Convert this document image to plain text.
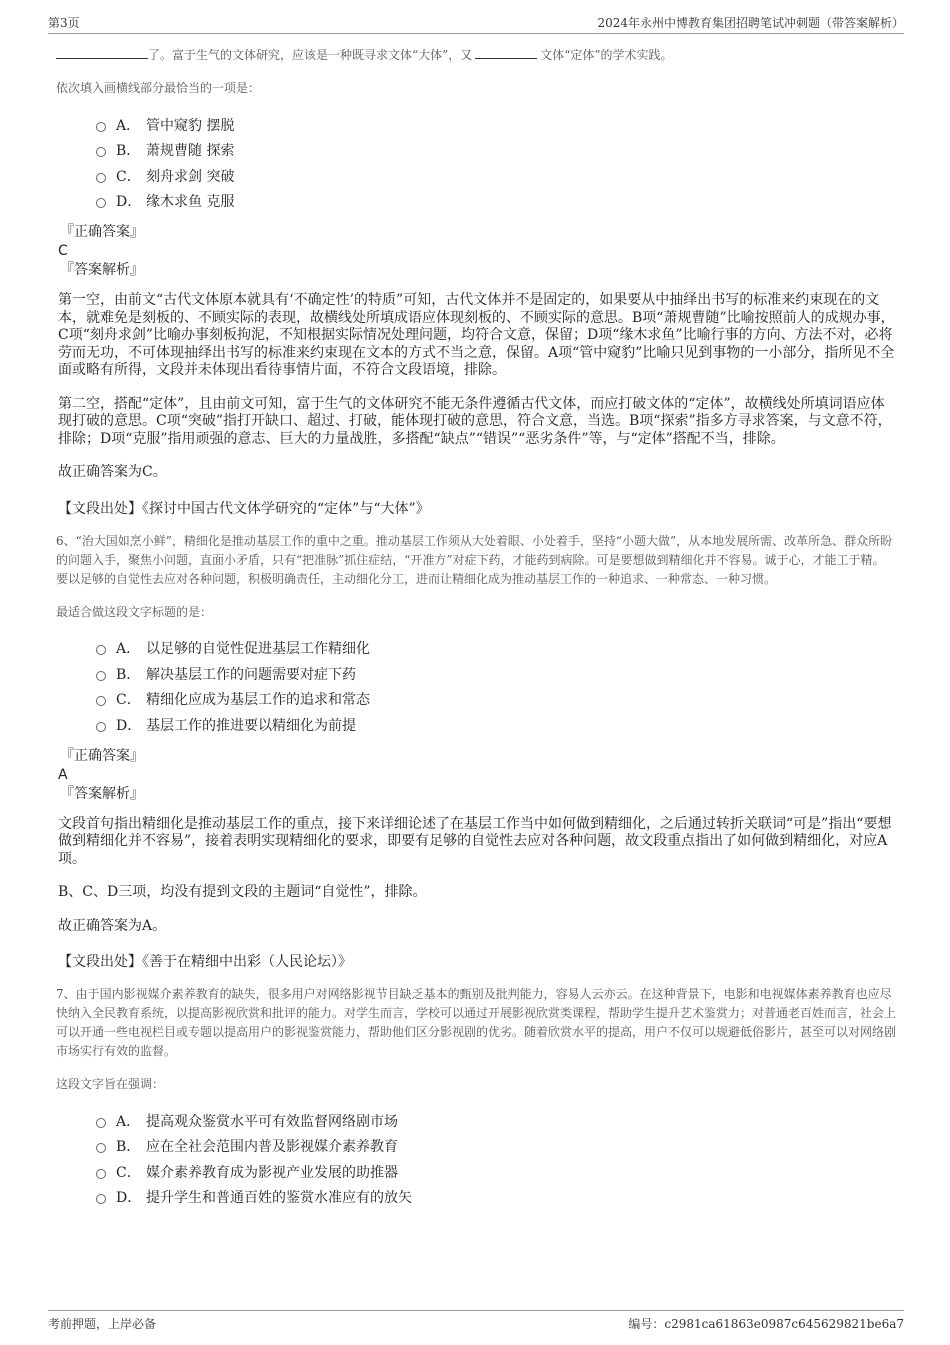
第3页	2024年永州中博教育集团招聘笔试冲刺题（带答案解析）
了。富于生气的文体研究，应该是一种既寻求文体“大体”，又	文体“定体”的学术实践。
依次填入画横线部分最恰当的一项是：
A． 管中窥豹 摆脱
B． 萧规曹随 探索
C． 刻舟求剑 突破
D． 缘木求鱼 克服
『正确答案』
C
『答案解析』
第一空，由前文“古代文体原本就具有‘不确定性’的特质”可知，古代文体并不是固定的，如果要从中抽绎出书写的标准来约束现在的文本，就难免是刻板的、不顾实际的表现，故横线处所填成语应体现刻板的、不顾实际的意思。B项“萧规曹随”比喻按照前人的成规办事，C项“刻舟求剑”比喻办事刻板拘泥，不知根据实际情况处理问题，均符合文意，保留；D项“缘木求鱼”比喻行事的方向、方法不对，必将劳而无功，不可体现抽绎出书写的标准来约束现在文本的方式不当之意，保留。A项“管中窥豹”比喻只见到事物的一小部分，指所见不全面或略有所得，文段并未体现出看待事情片面，不符合文段语境，排除。
第二空，搭配“定体”，且由前文可知，富于生气的文体研究不能无条件遵循古代文体，而应打破文体的“定体”，故横线处所填词语应体现打破的意思。C项“突破”指打开缺口、超过、打破，能体现打破的意思，符合文意，当选。B项“探索”指多方寻求答案，与文意不符，排除；D项“克服”指用顽强的意志、巨大的力量战胜，多搭配“缺点”“错误”“恶劣条件”等，与“定体”搭配不当，排除。
故正确答案为C。
【文段出处】《探讨中国古代文体学研究的“定体”与“大体”》
6、“治大国如烹小鲜”，精细化是推动基层工作的重中之重。推动基层工作须从大处着眼、小处着手，坚持“小题大做”，从本地发展所需、改革所急、群众所盼的问题入手，聚焦小问题，直面小矛盾，只有“把准脉”抓住症结，“开准方”对症下药，才能药到病除。可是要想做到精细化并不容易。诚于心，才能工于精。要以足够的自觉性去应对各种问题，积极明确责任，主动细化分工，进而让精细化成为推动基层工作的一种追求、一种常态、一种习惯。
最适合做这段文字标题的是：
A． 以足够的自觉性促进基层工作精细化
B． 解决基层工作的问题需要对症下药
C． 精细化应成为基层工作的追求和常态
D． 基层工作的推进要以精细化为前提
『正确答案』
A
『答案解析』
文段首句指出精细化是推动基层工作的重点，接下来详细论述了在基层工作当中如何做到精细化，之后通过转折关联词“可是”指出“要想做到精细化并不容易”，接着表明实现精细化的要求，即要有足够的自觉性去应对各种问题，故文段重点指出了如何做到精细化，对应A项。
B、C、D三项，均没有提到文段的主题词“自觉性”，排除。
故正确答案为A。
【文段出处】《善于在精细中出彩（人民论坛）》
7、由于国内影视媒介素养教育的缺失，很多用户对网络影视节目缺乏基本的甄别及批判能力，容易人云亦云。在这种背景下，电影和电视媒体素养教育也应尽快纳入全民教育系统，以提高影视欣赏和批评的能力。对学生而言，学校可以通过开展影视欣赏类课程，帮助学生提升艺术鉴赏力；对普通老百姓而言，社会上可以开通一些电视栏目或专题以提高用户的影视鉴赏能力，帮助他们区分影视剧的优劣。随着欣赏水平的提高，用户不仅可以规避低俗影片，甚至可以对网络剧市场实行有效的监督。
这段文字旨在强调：
A． 提高观众鉴赏水平可有效监督网络剧市场
B． 应在全社会范围内普及影视媒介素养教育
C． 媒介素养教育成为影视产业发展的助推器
D． 提升学生和普通百姓的鉴赏水准应有的放矢
考前押题，上岸必备	编号：c2981ca61863e0987c645629821be6a7
